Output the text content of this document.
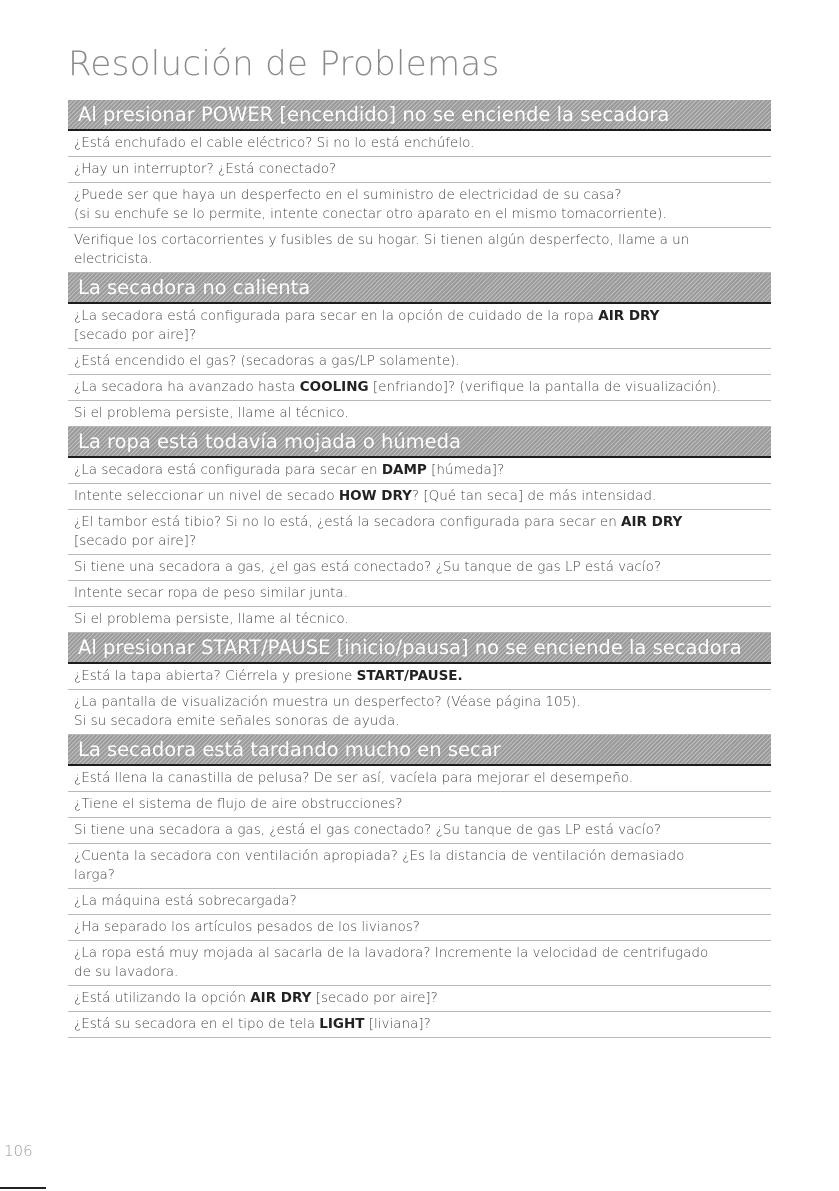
Resolución de Problemas
Al presionar POWER [encendido] no se enciende la secadora
¿Está enchufado el cable eléctrico? Si no lo está enchúfelo.
¿Hay un interruptor? ¿Está conectado?
¿Puede ser que haya un desperfecto en el suministro de electricidad de su casa?
(si su enchufe se lo permite, intente conectar otro aparato en el mismo tomacorriente).
Verifique los cortacorrientes y fusibles de su hogar. Si tienen algún desperfecto, llame a un electricista.
La secadora no calienta
¿La secadora está configurada para secar en la opción de cuidado de la ropa AIR DRY
[secado por aire]?
¿Está encendido el gas? (secadoras a gas/LP solamente).
¿La secadora ha avanzado hasta COOLING [enfriando]? (verifique la pantalla de visualización).
Si el problema persiste, llame al técnico.
La ropa está todavía mojada o húmeda
¿La secadora está configurada para secar en DAMP [húmeda]?
Intente seleccionar un nivel de secado HOW DRY? [Qué tan seca] de más intensidad.
¿El tambor está tibio? Si no lo está, ¿está la secadora configurada para secar en AIR DRY
[secado por aire]?
Si tiene una secadora a gas, ¿el gas está conectado? ¿Su tanque de gas LP está vacío?
Intente secar ropa de peso similar junta.
Si el problema persiste, llame al técnico.
Al presionar START/PAUSE [inicio/pausa] no se enciende la secadora
¿Está la tapa abierta? Ciérrela y presione START/PAUSE.
¿La pantalla de visualización muestra un desperfecto? (Véase página 105).
Si su secadora emite señales sonoras de ayuda.
La secadora está tardando mucho en secar
¿Está llena la canastilla de pelusa? De ser así, vacíela para mejorar el desempeño.
¿Tiene el sistema de flujo de aire obstrucciones?
Si tiene una secadora a gas, ¿está el gas conectado? ¿Su tanque de gas LP está vacío?
¿Cuenta la secadora con ventilación apropiada? ¿Es la distancia de ventilación demasiado
larga?
¿La máquina está sobrecargada?
¿Ha separado los artículos pesados de los livianos?
¿La ropa está muy mojada al sacarla de la lavadora? Incremente la velocidad de centrifugado
de su lavadora.
¿Está utilizando la opción AIR DRY [secado por aire]?
¿Está su secadora en el tipo de tela LIGHT [liviana]?
106
